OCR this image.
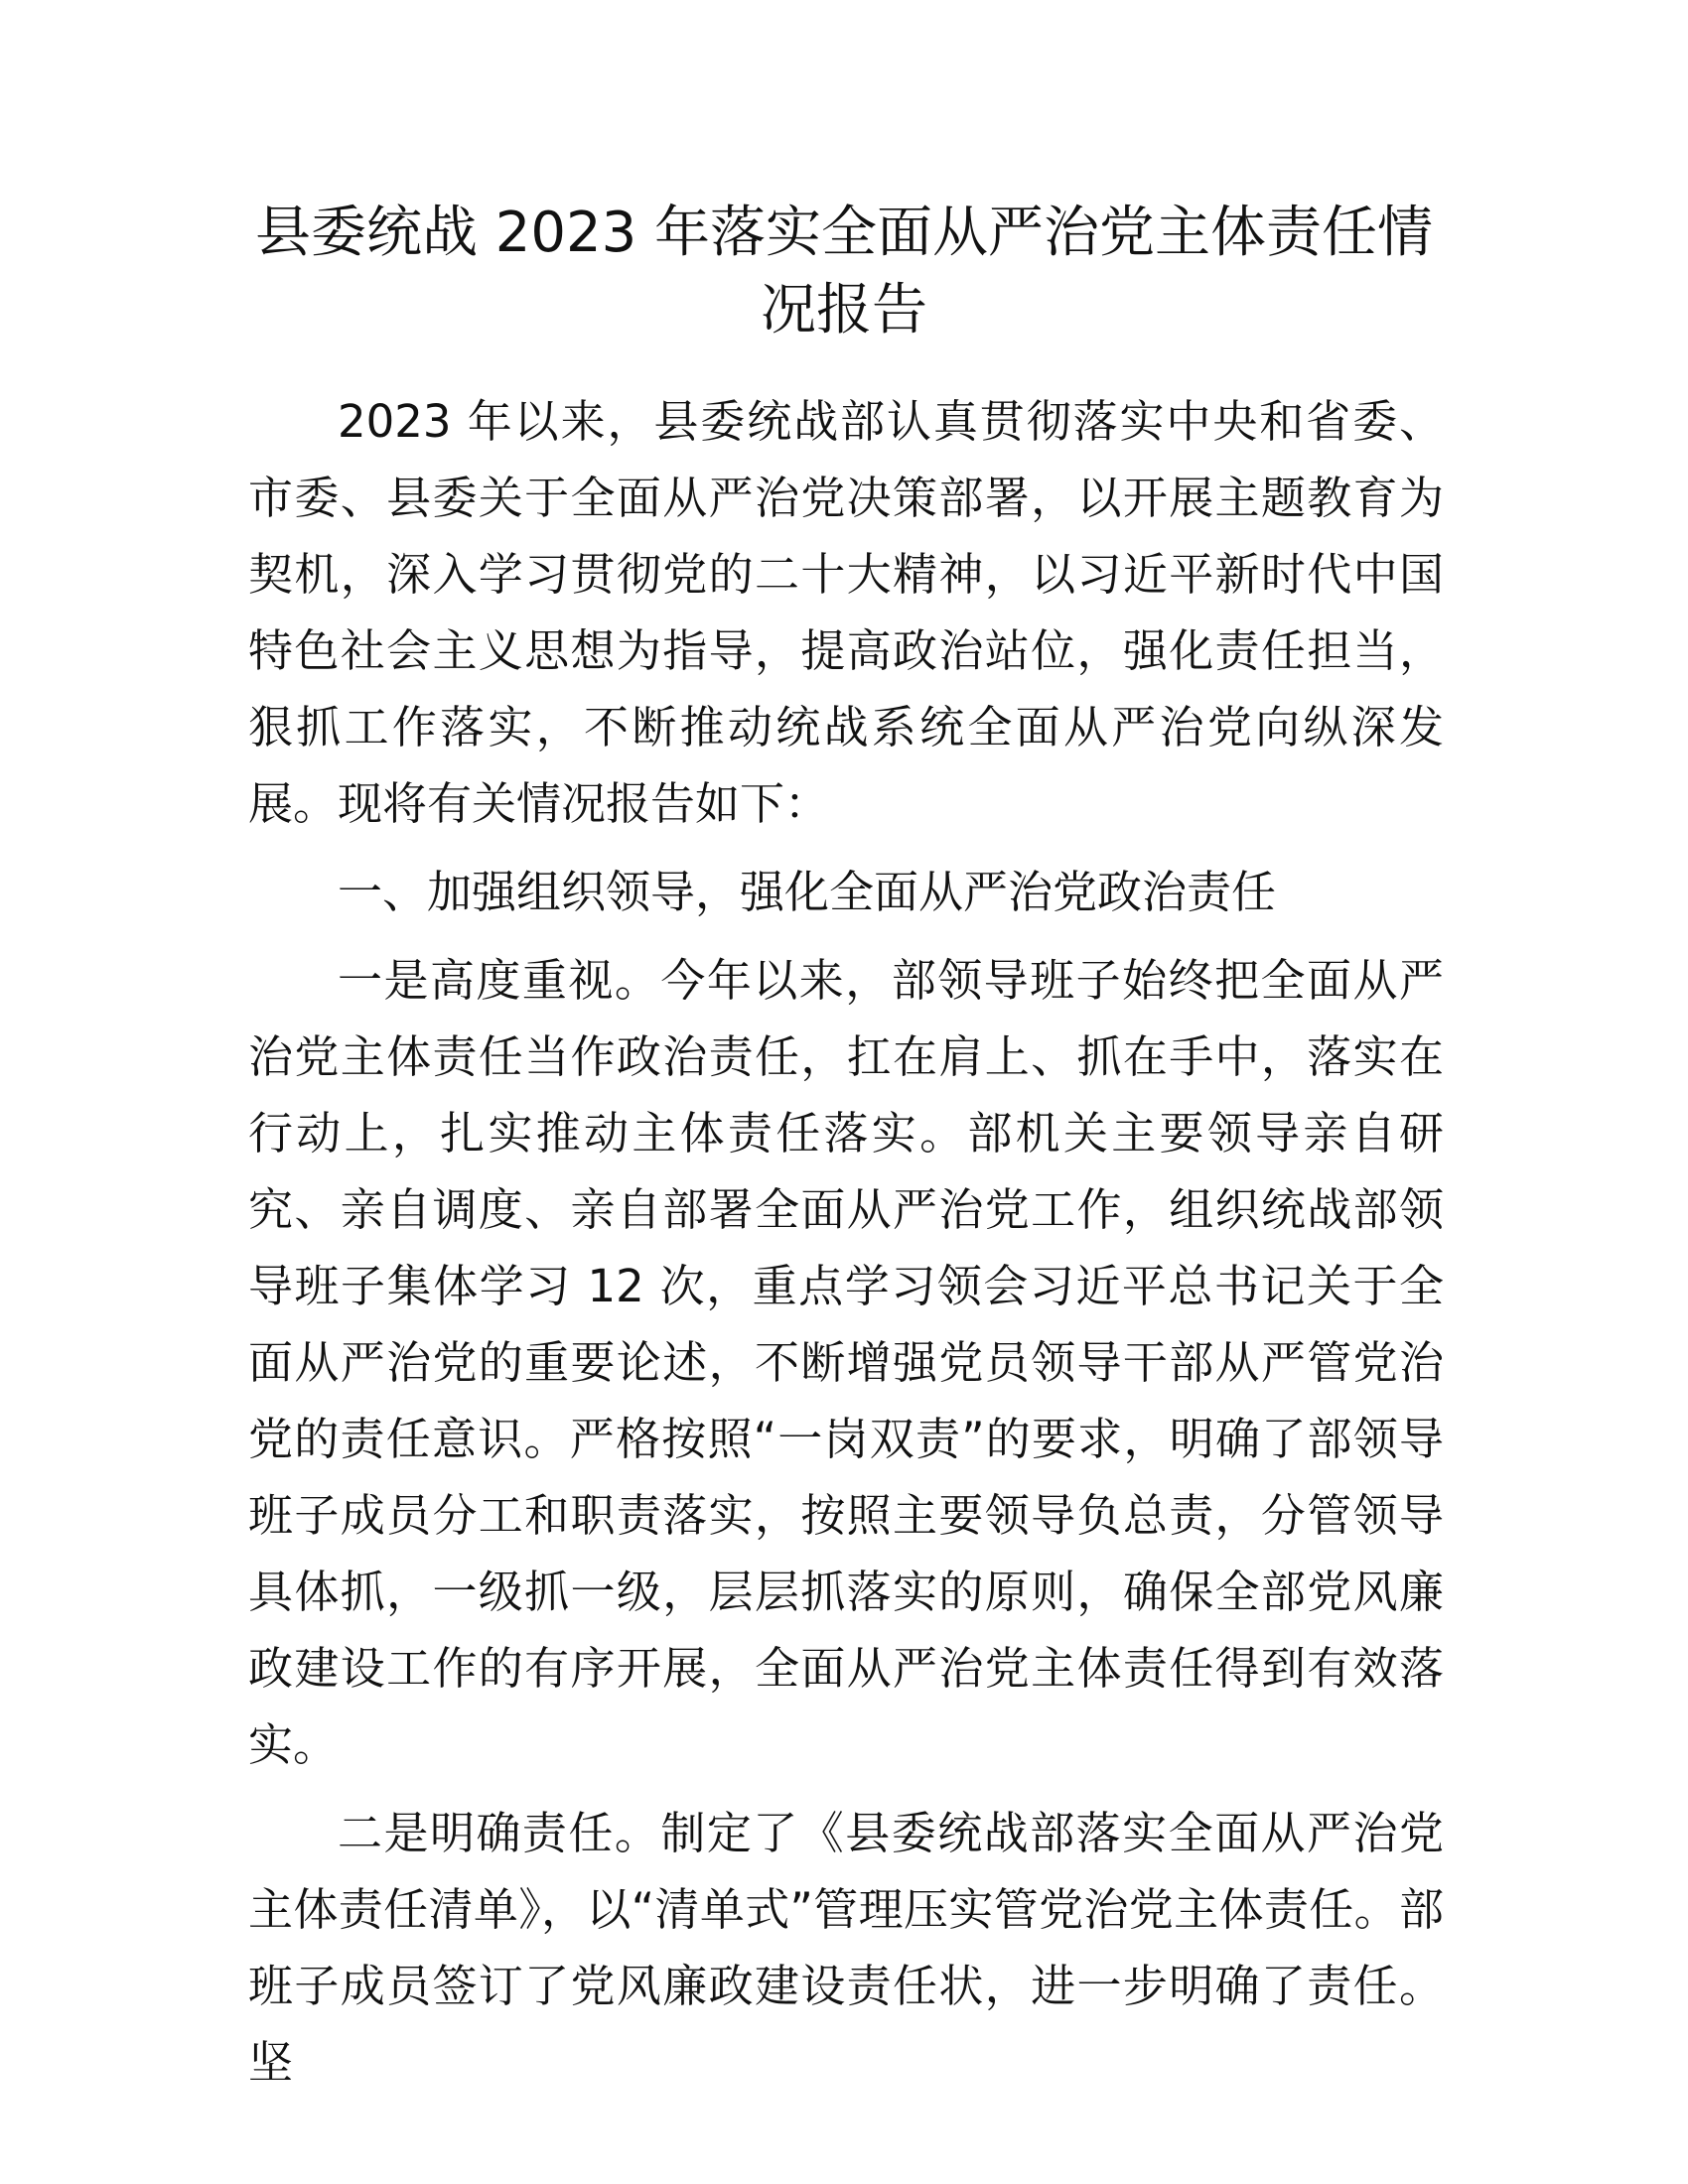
县委统战 2023 年落实全面从严治党主体责任情况报告

2023 年以来，县委统战部认真贯彻落实中央和省委、市委、县委关于全面从严治党决策部署，以开展主题教育为契机，深入学习贯彻党的二十大精神，以习近平新时代中国特色社会主义思想为指导，提高政治站位，强化责任担当，狠抓工作落实，不断推动统战系统全面从严治党向纵深发展。现将有关情况报告如下：

一、加强组织领导，强化全面从严治党政治责任

一是高度重视。今年以来，部领导班子始终把全面从严治党主体责任当作政治责任，扛在肩上、抓在手中，落实在行动上，扎实推动主体责任落实。部机关主要领导亲自研究、亲自调度、亲自部署全面从严治党工作，组织统战部领导班子集体学习 12 次，重点学习领会习近平总书记关于全面从严治党的重要论述，不断增强党员领导干部从严管党治党的责任意识。严格按照“一岗双责”的要求，明确了部领导班子成员分工和职责落实，按照主要领导负总责，分管领导具体抓，一级抓一级，层层抓落实的原则，确保全部党风廉政建设工作的有序开展，全面从严治党主体责任得到有效落实。

二是明确责任。制定了《县委统战部落实全面从严治党主体责任清单》，以“清单式”管理压实管党治党主体责任。部班子成员签订了党风廉政建设责任状，进一步明确了责任。坚
